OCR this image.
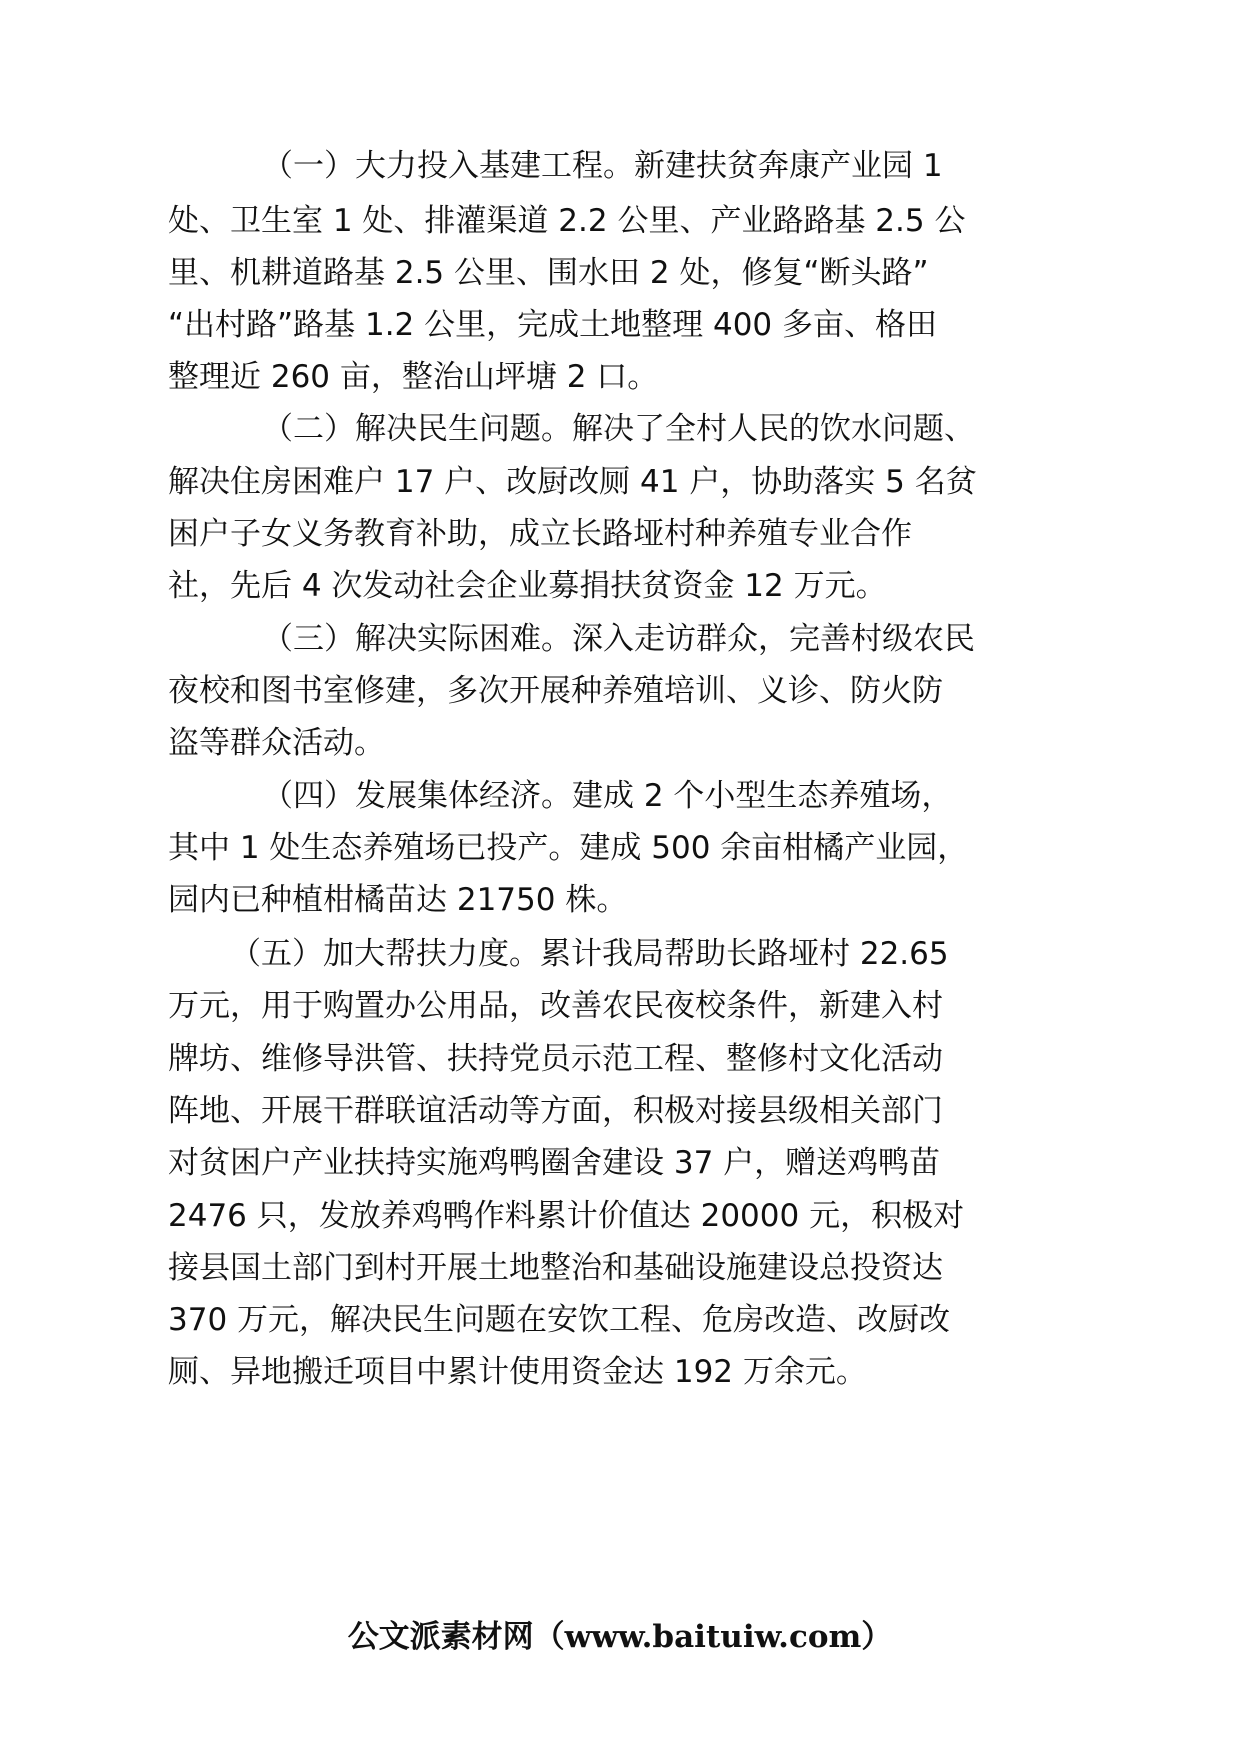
（一）大力投入基建工程。新建扶贫奔康产业园 1

处、卫生室 1 处、排灌渠道 2.2 公里、产业路路基 2.5 公

里、机耕道路基 2.5 公里、围水田 2 处，修复“断头路”

“出村路”路基 1.2 公里，完成土地整理 400 多亩、格田

整理近 260 亩，整治山坪塘 2 口。

（二）解决民生问题。解决了全村人民的饮水问题、

解决住房困难户 17 户、改厨改厕 41 户，协助落实 5 名贫

困户子女义务教育补助，成立长路垭村种养殖专业合作

社，先后 4 次发动社会企业募捐扶贫资金 12 万元。

（三）解决实际困难。深入走访群众，完善村级农民

夜校和图书室修建，多次开展种养殖培训、义诊、防火防

盗等群众活动。

（四）发展集体经济。建成 2 个小型生态养殖场，

其中 1 处生态养殖场已投产。建成 500 余亩柑橘产业园，

园内已种植柑橘苗达 21750 株。

（五）加大帮扶力度。累计我局帮助长路垭村 22.65

万元，用于购置办公用品，改善农民夜校条件，新建入村

牌坊、维修导洪管、扶持党员示范工程、整修村文化活动

阵地、开展干群联谊活动等方面，积极对接县级相关部门

对贫困户产业扶持实施鸡鸭圈舍建设 37 户，赠送鸡鸭苗

2476 只，发放养鸡鸭作料累计价值达 20000 元，积极对

接县国土部门到村开展土地整治和基础设施建设总投资达

370 万元，解决民生问题在安饮工程、危房改造、改厨改

厕、异地搬迁项目中累计使用资金达 192 万余元。

公文派素材网（www.baituiw.com）
